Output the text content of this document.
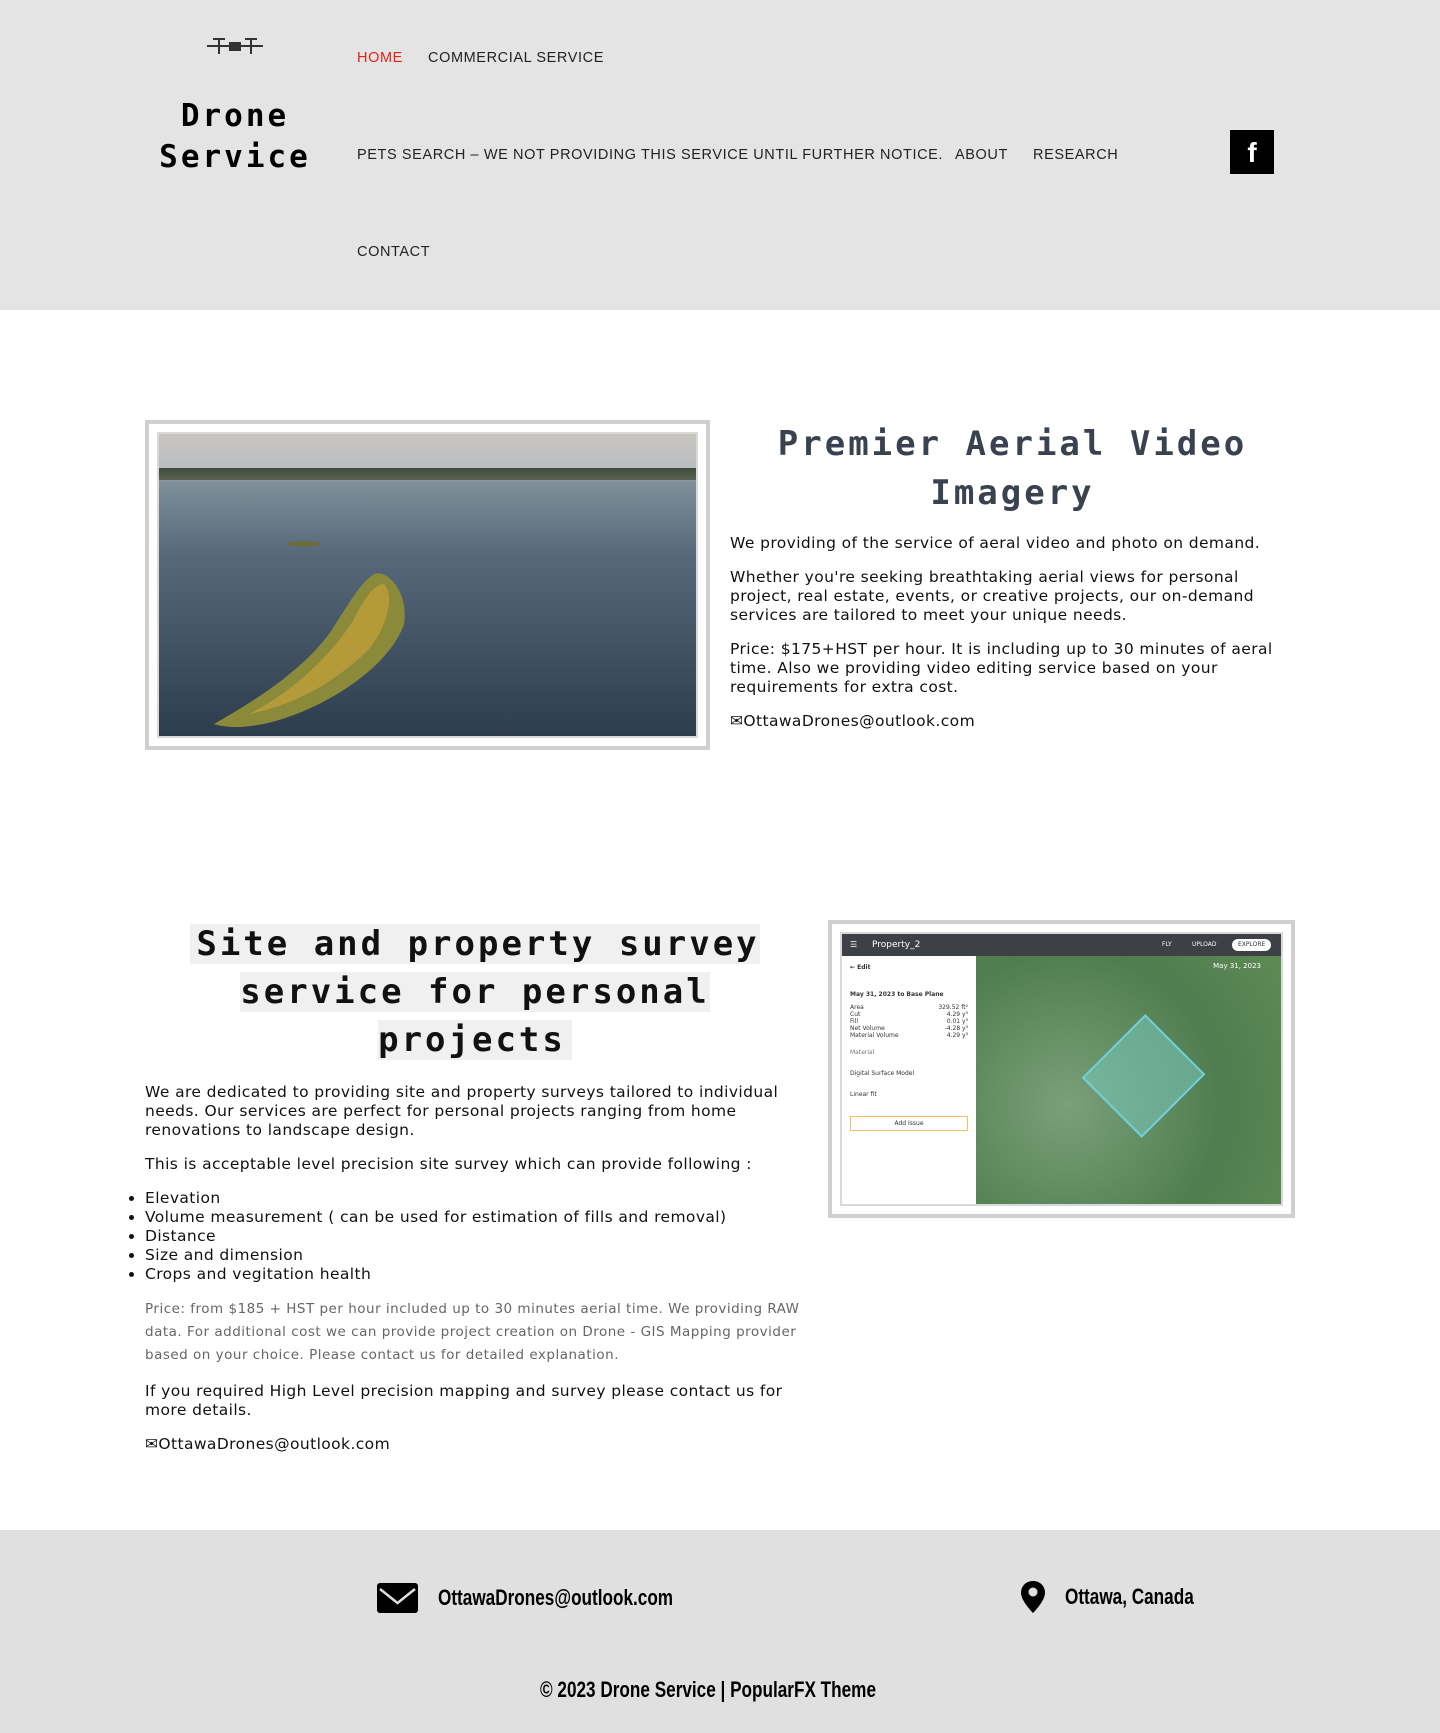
Drone
Service
HOME COMMERCIAL SERVICE
PETS SEARCH – WE NOT PROVIDING THIS SERVICE UNTIL FURTHER NOTICE. ABOUT RESEARCH
CONTACT
f
Premier Aerial Video Imagery

We providing of the service of aeral video and photo on demand.

Whether you're seeking breathtaking aerial views for personal project, real estate, events, or creative projects, our on-demand services are tailored to meet your unique needs.

Price: $175+HST per hour. It is including up to 30 minutes of aeral time. Also we providing video editing service based on your requirements for extra cost.

✉OttawaDrones@outlook.com

Site and property survey service for personal projects

We are dedicated to providing site and property surveys tailored to individual needs. Our services are perfect for personal projects ranging from home renovations to landscape design.

This is acceptable level precision site survey which can provide following :

• Elevation
• Volume measurement ( can be used for estimation of fills and removal)
• Distance
• Size and dimension
• Crops and vegitation health

Price: from $185 + HST per hour included up to 30 minutes aerial time. We providing RAW data. For additional cost we can provide project creation on Drone - GIS Mapping provider based on your choice. Please contact us for detailed explanation.

If you required High Level precision mapping and survey please contact us for more details.

✉OttawaDrones@outlook.com

☰ Property_2	FLY	UPLOAD	EXPLORE
May 31, 2023
← Edit
May 31, 2023 to Base Plane
Area	329.52 ft²
Cut	4.29 y³
Fill	0.01 y³
Net Volume	-4.28 y³
Material Volume	4.29 y³
Material
Digital Surface Model
Linear fit
Add Issue
OttawaDrones@outlook.com	Ottawa, Canada
© 2023 Drone Service | PopularFX Theme
